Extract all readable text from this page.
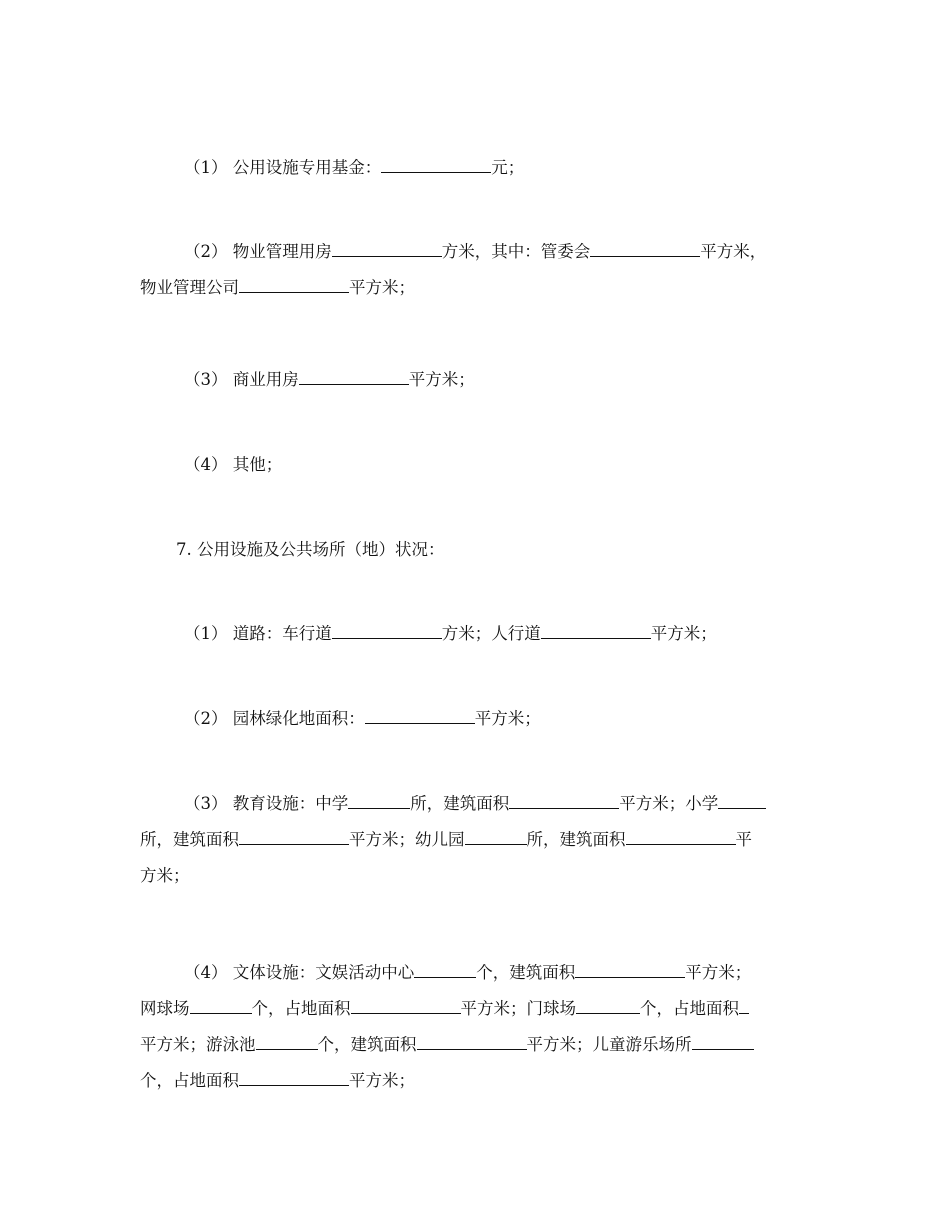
（1） 公用设施专用基金：	元；
（2） 物业管理用房	方米，其中：管委会	平方米，
物业管理公司	平方米；
（3） 商业用房	平方米；
（4） 其他；
7. 公用设施及公共场所（地）状况：
（1） 道路：车行道	方米；人行道	平方米；
（2） 园林绿化地面积：	平方米；
（3） 教育设施：中学	所，建筑面积	平方米；小学
所，建筑面积	平方米；幼儿园	所，建筑面积	平
方米；
（4） 文体设施：文娱活动中心	个，建筑面积	平方米；
网球场	个，占地面积	平方米；门球场	个，占地面积
平方米；游泳池	个，建筑面积	平方米；儿童游乐场所
个，占地面积	平方米；
